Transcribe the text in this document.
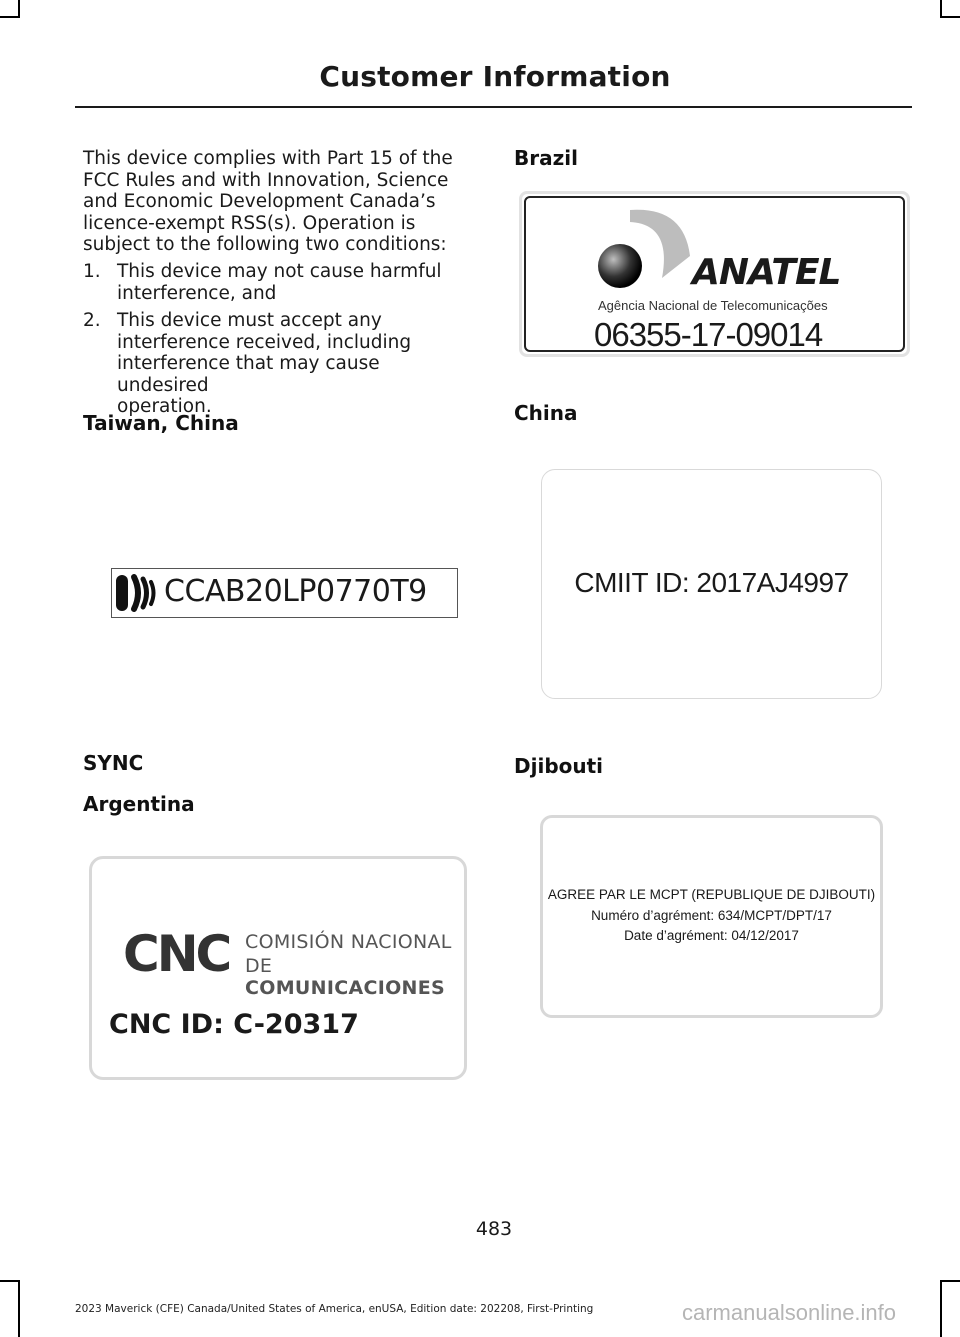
Customer Information
This device complies with Part 15 of the
FCC Rules and with Innovation, Science
and Economic Development Canada’s
licence-exempt RSS(s). Operation is
subject to the following two conditions:
1. This device may not cause harmful
interference, and
2. This device must accept any
interference received, including
interference that may cause undesired
operation.
Taiwan, China
CCAB20LP0770T9
SYNC
Argentina
CNC COMISIÓN NACIONAL
DE COMUNICACIONES
CNC ID: C-20317
Brazil
ANATEL
Agência Nacional de Telecomunicações
06355-17-09014
China
CMIIT ID: 2017AJ4997
Djibouti
AGREE PAR LE MCPT (REPUBLIQUE DE DJIBOUTI)
Numéro d’agrément: 634/MCPT/DPT/17
Date d’agrément: 04/12/2017
483
2023 Maverick (CFE) Canada/United States of America, enUSA, Edition date: 202208, First-Printing	carmanualsonline.info
